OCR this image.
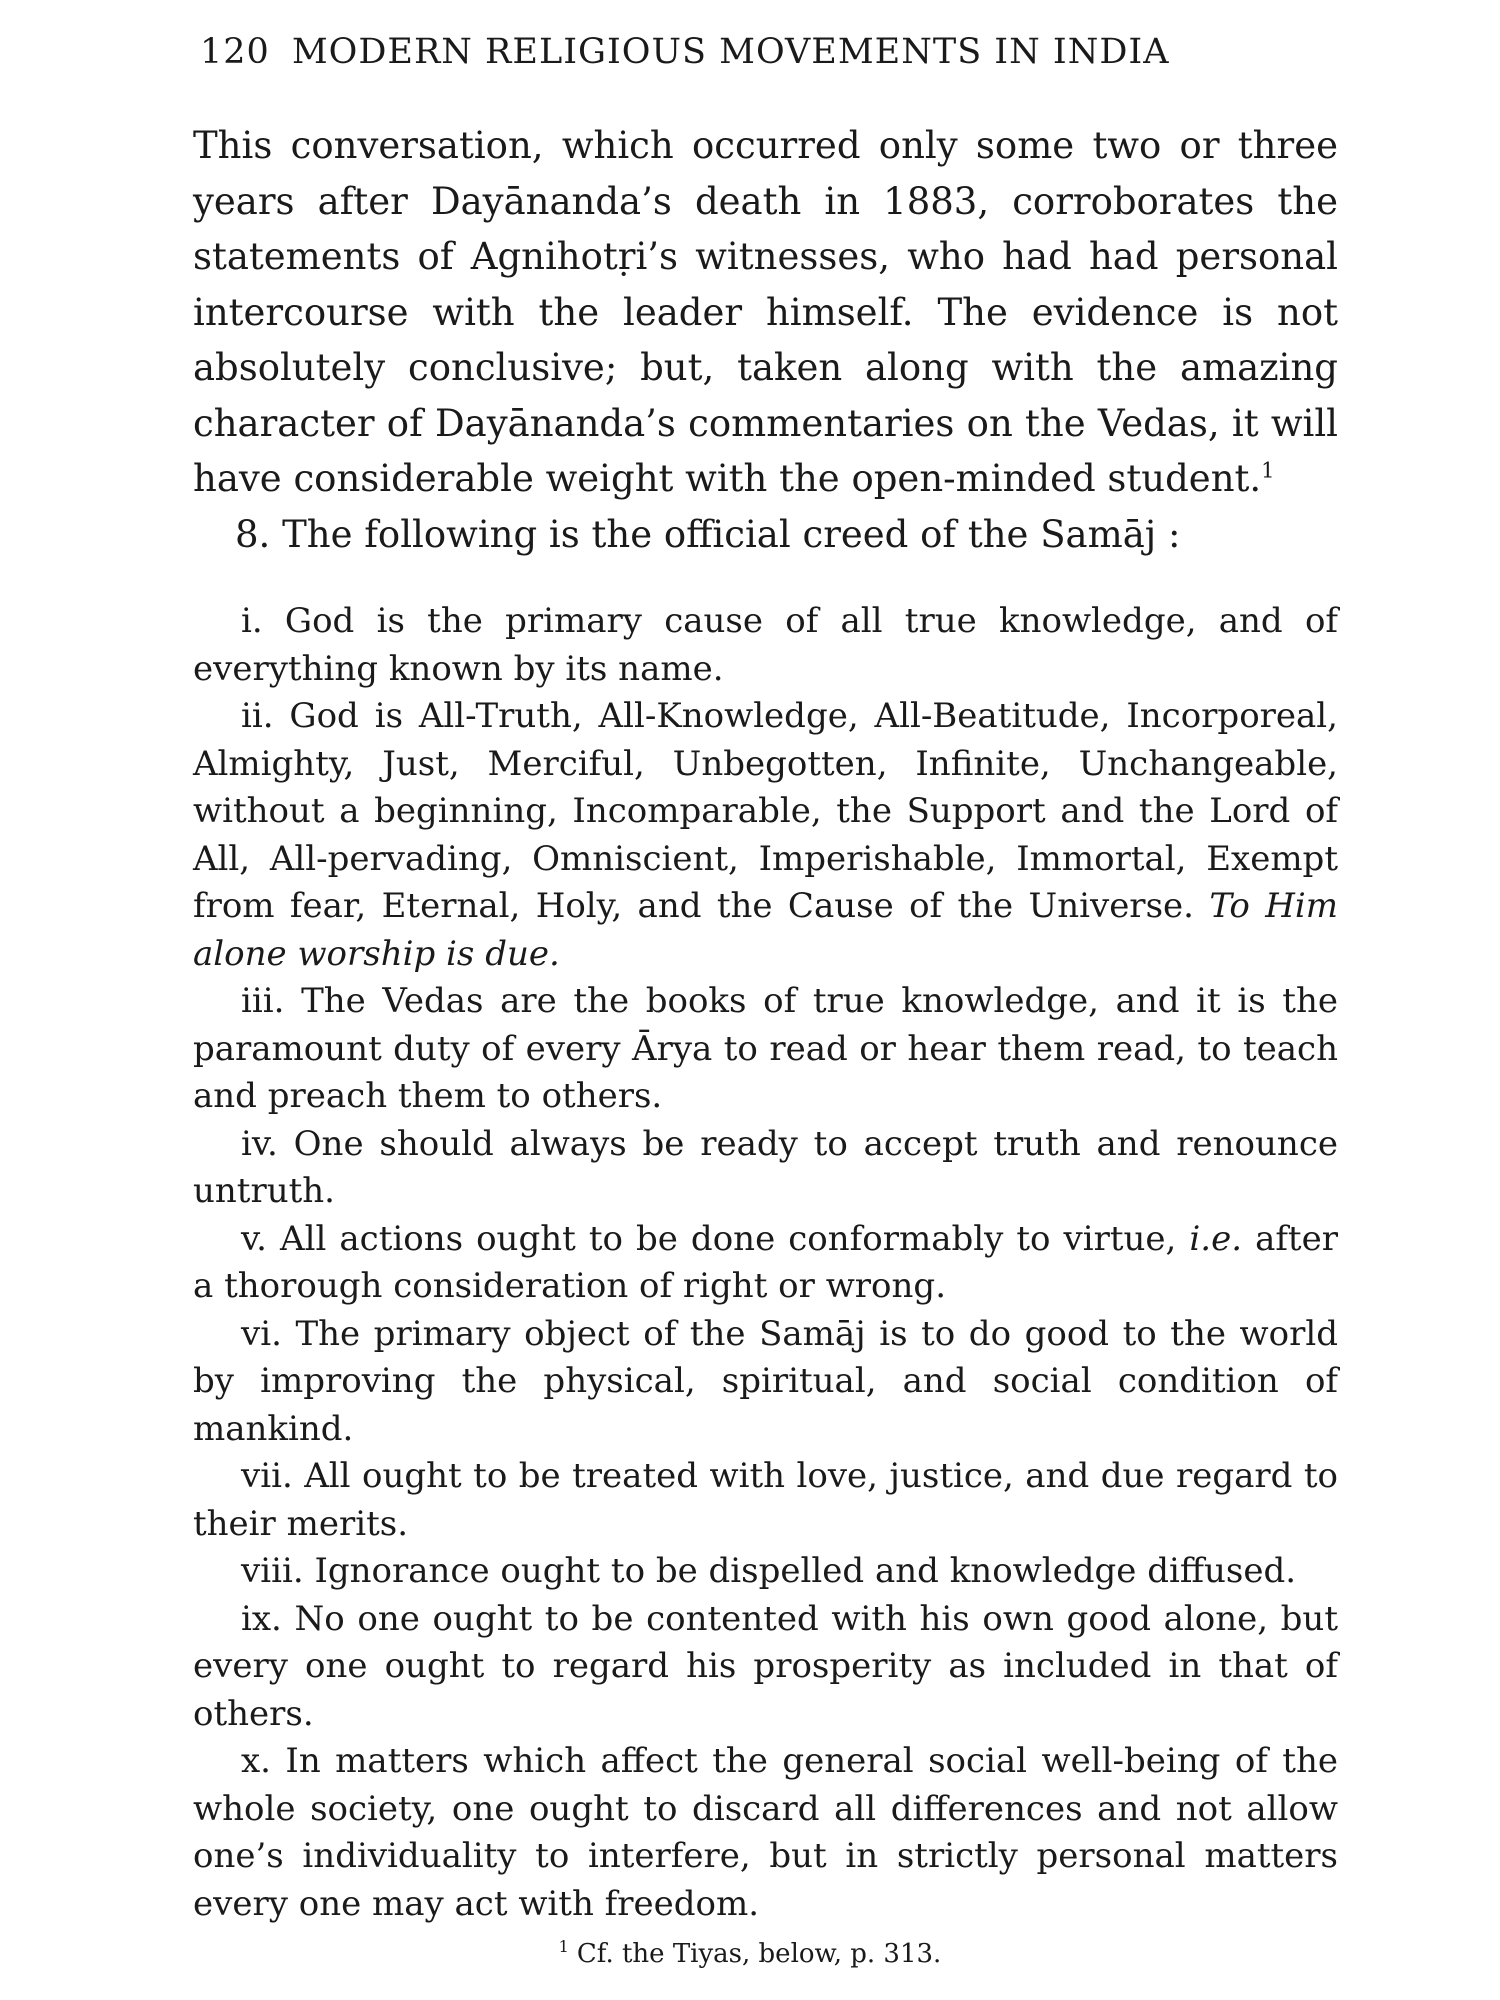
120 MODERN RELIGIOUS MOVEMENTS IN INDIA

This conversation, which occurred only some two or three years after Dayānanda’s death in 1883, corroborates the statements of Agnihotṛi’s witnesses, who had had personal intercourse with the leader himself. The evidence is not absolutely conclusive; but, taken along with the amazing character of Dayānanda’s commentaries on the Vedas, it will have considerable weight with the open-minded student.$^1$

8. The following is the official creed of the Samāj :

i. God is the primary cause of all true knowledge, and of everything known by its name.

ii. God is All-Truth, All-Knowledge, All-Beatitude, Incorporeal, Almighty, Just, Merciful, Unbegotten, Infinite, Unchangeable, without a beginning, Incomparable, the Support and the Lord of All, All-pervading, Omniscient, Imperishable, Immortal, Exempt from fear, Eternal, Holy, and the Cause of the Universe. To Him alone worship is due.

iii. The Vedas are the books of true knowledge, and it is the paramount duty of every Ārya to read or hear them read, to teach and preach them to others.

iv. One should always be ready to accept truth and renounce untruth.

v. All actions ought to be done conformably to virtue, i.e. after a thorough consideration of right or wrong.

vi. The primary object of the Samāj is to do good to the world by improving the physical, spiritual, and social condition of mankind.

vii. All ought to be treated with love, justice, and due regard to their merits.

viii. Ignorance ought to be dispelled and knowledge diffused.

ix. No one ought to be contented with his own good alone, but every one ought to regard his prosperity as included in that of others.

x. In matters which affect the general social well-being of the whole society, one ought to discard all differences and not allow one’s individuality to interfere, but in strictly personal matters every one may act with freedom.

$^1$ Cf. the Tiyas, below, p. 313.
